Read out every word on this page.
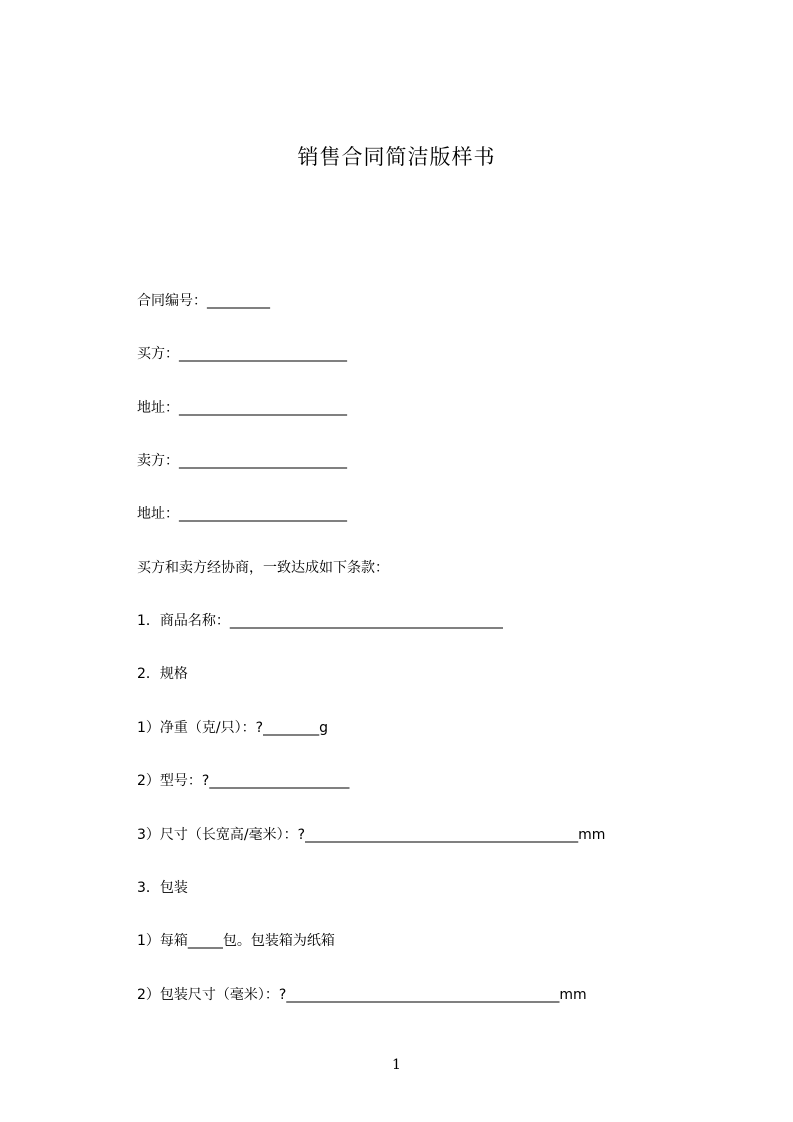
销售合同简洁版样书
合同编号：_________
买方：________________________
地址：________________________
卖方：________________________
地址：________________________
买方和卖方经协商，一致达成如下条款：
1．商品名称：_______________________________________
2．规格
1）净重（克/只）：?________g
2）型号：?____________________
3）尺寸（长宽高/毫米）：?_______________________________________mm
3．包装
1）每箱_____包。包装箱为纸箱
2）包装尺寸（毫米）：?_______________________________________mm
1
